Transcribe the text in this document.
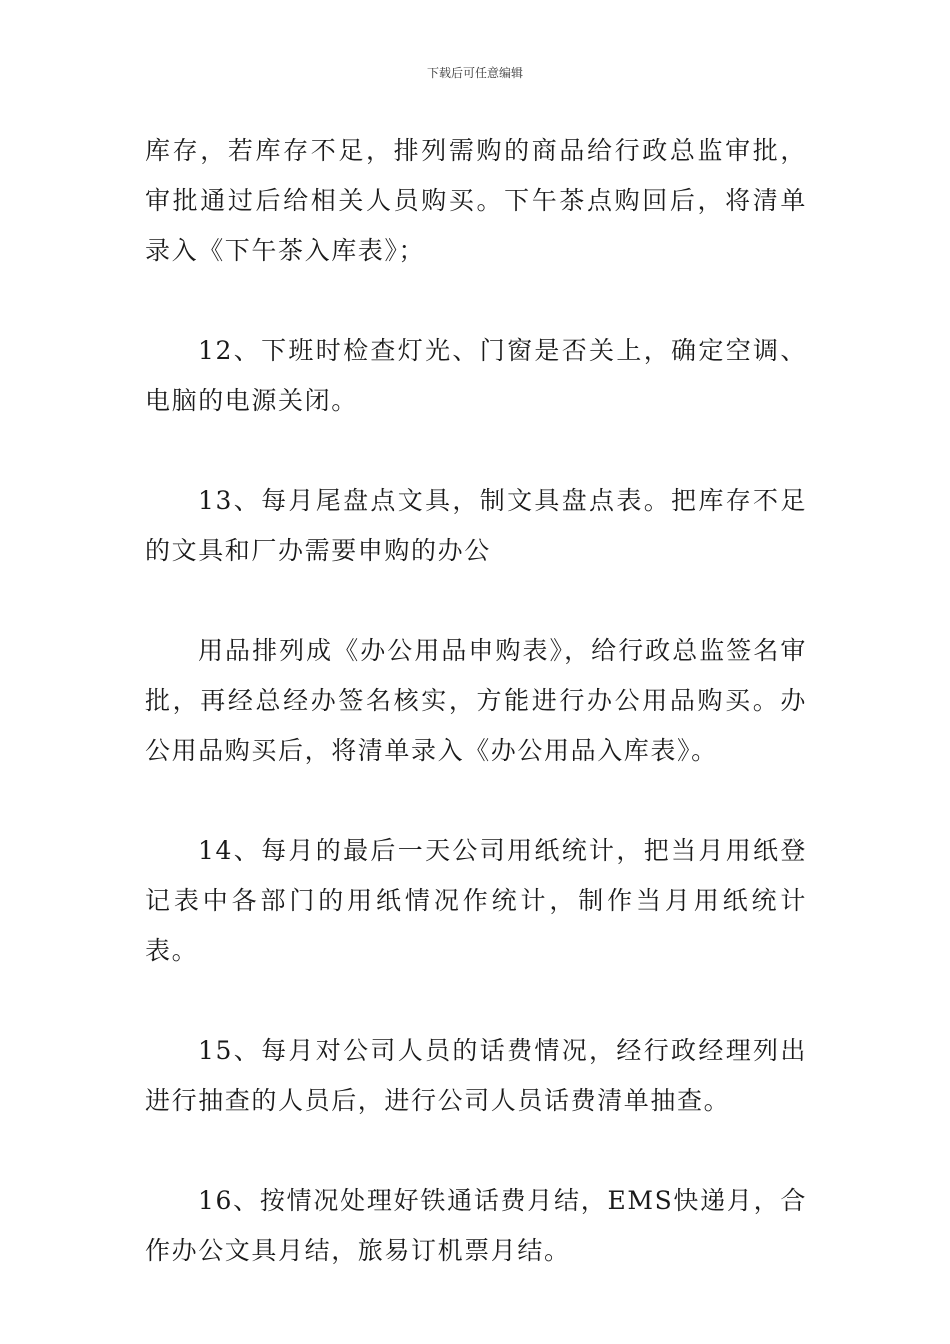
下载后可任意编辑

库存，若库存不足，排列需购的商品给行政总监审批，审批通过后给相关人员购买。下午茶点购回后，将清单录入《下午茶入库表》；

12、下班时检查灯光、门窗是否关上，确定空调、电脑的电源关闭。

13、每月尾盘点文具，制文具盘点表。把库存不足的文具和厂办需要申购的办公

用品排列成《办公用品申购表》，给行政总监签名审批，再经总经办签名核实，方能进行办公用品购买。办公用品购买后，将清单录入《办公用品入库表》。

14、每月的最后一天公司用纸统计，把当月用纸登记表中各部门的用纸情况作统计，制作当月用纸统计表。

15、每月对公司人员的话费情况，经行政经理列出进行抽查的人员后，进行公司人员话费清单抽查。

16、按情况处理好铁通话费月结，EMS快递月，合作办公文具月结，旅易订机票月结。
